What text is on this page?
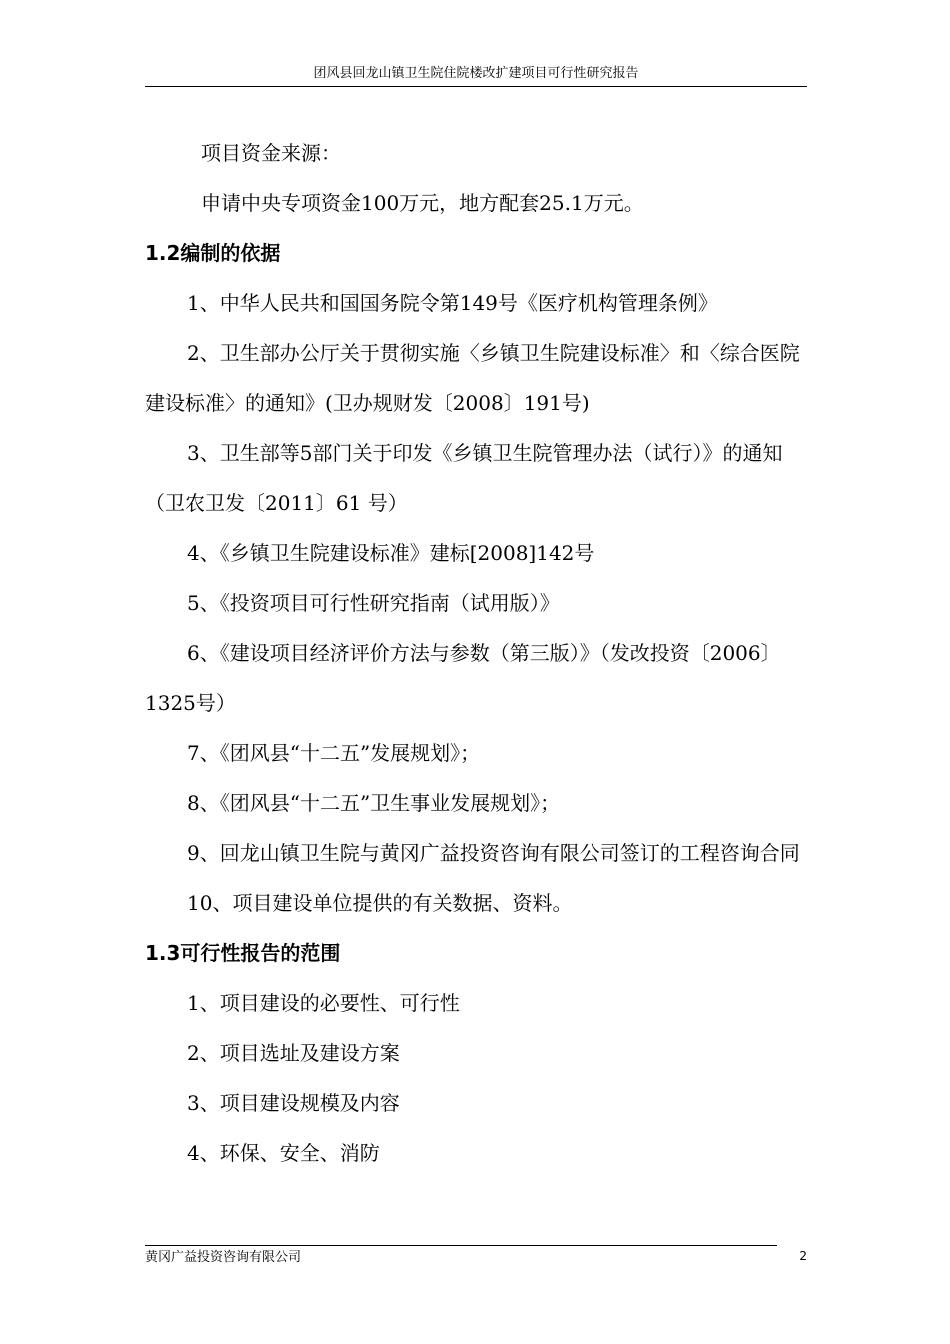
团风县回龙山镇卫生院住院楼改扩建项目可行性研究报告

项目资金来源：

申请中央专项资金100万元，地方配套25.1万元。

1.2编制的依据

1、中华人民共和国国务院令第149号《医疗机构管理条例》

2、卫生部办公厅关于贯彻实施〈乡镇卫生院建设标准〉和〈综合医院建设标准〉的通知》(卫办规财发〔2008〕191号)

3、卫生部等5部门关于印发《乡镇卫生院管理办法（试行）》的通知（卫农卫发〔2011〕61 号）

4、《乡镇卫生院建设标准》建标[2008]142号

5、《投资项目可行性研究指南（试用版）》

6、《建设项目经济评价方法与参数（第三版）》（发改投资〔2006〕1325号）

7、《团风县“十二五”发展规划》；

8、《团风县“十二五”卫生事业发展规划》；

9、回龙山镇卫生院与黄冈广益投资咨询有限公司签订的工程咨询合同

10、项目建设单位提供的有关数据、资料。

1.3可行性报告的范围

1、项目建设的必要性、可行性

2、项目选址及建设方案

3、项目建设规模及内容

4、环保、安全、消防

黄冈广益投资咨询有限公司	2
